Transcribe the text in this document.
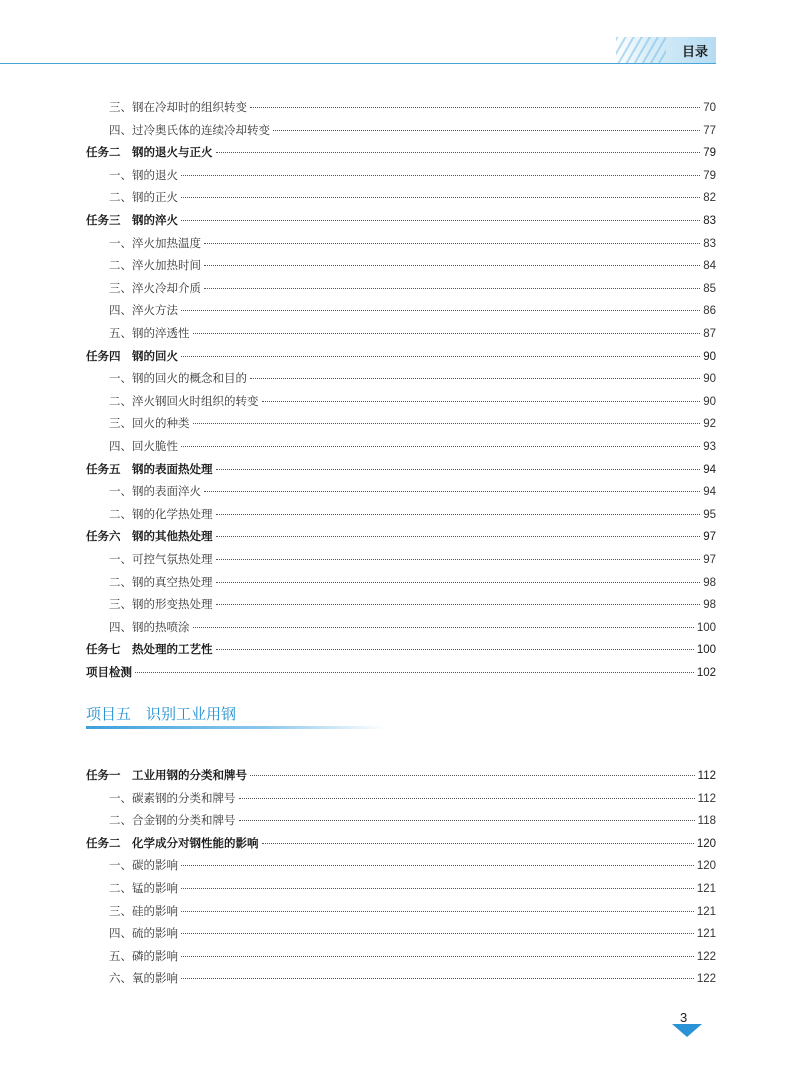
目录
三、钢在冷却时的组织转变	70
四、过冷奥氏体的连续冷却转变	77
任务二　钢的退火与正火	79
一、钢的退火	79
二、钢的正火	82
任务三　钢的淬火	83
一、淬火加热温度	83
二、淬火加热时间	84
三、淬火冷却介质	85
四、淬火方法	86
五、钢的淬透性	87
任务四　钢的回火	90
一、钢的回火的概念和目的	90
二、淬火钢回火时组织的转变	90
三、回火的种类	92
四、回火脆性	93
任务五　钢的表面热处理	94
一、钢的表面淬火	94
二、钢的化学热处理	95
任务六　钢的其他热处理	97
一、可控气氛热处理	97
二、钢的真空热处理	98
三、钢的形变热处理	98
四、钢的热喷涂	100
任务七　热处理的工艺性	100
项目检测	102
任务一　工业用钢的分类和牌号	112
一、碳素钢的分类和牌号	112
二、合金钢的分类和牌号	118
任务二　化学成分对钢性能的影响	120
一、碳的影响	120
二、锰的影响	121
三、硅的影响	121
四、硫的影响	121
五、磷的影响	122
六、氧的影响	122
项目五　识别工业用钢
3
